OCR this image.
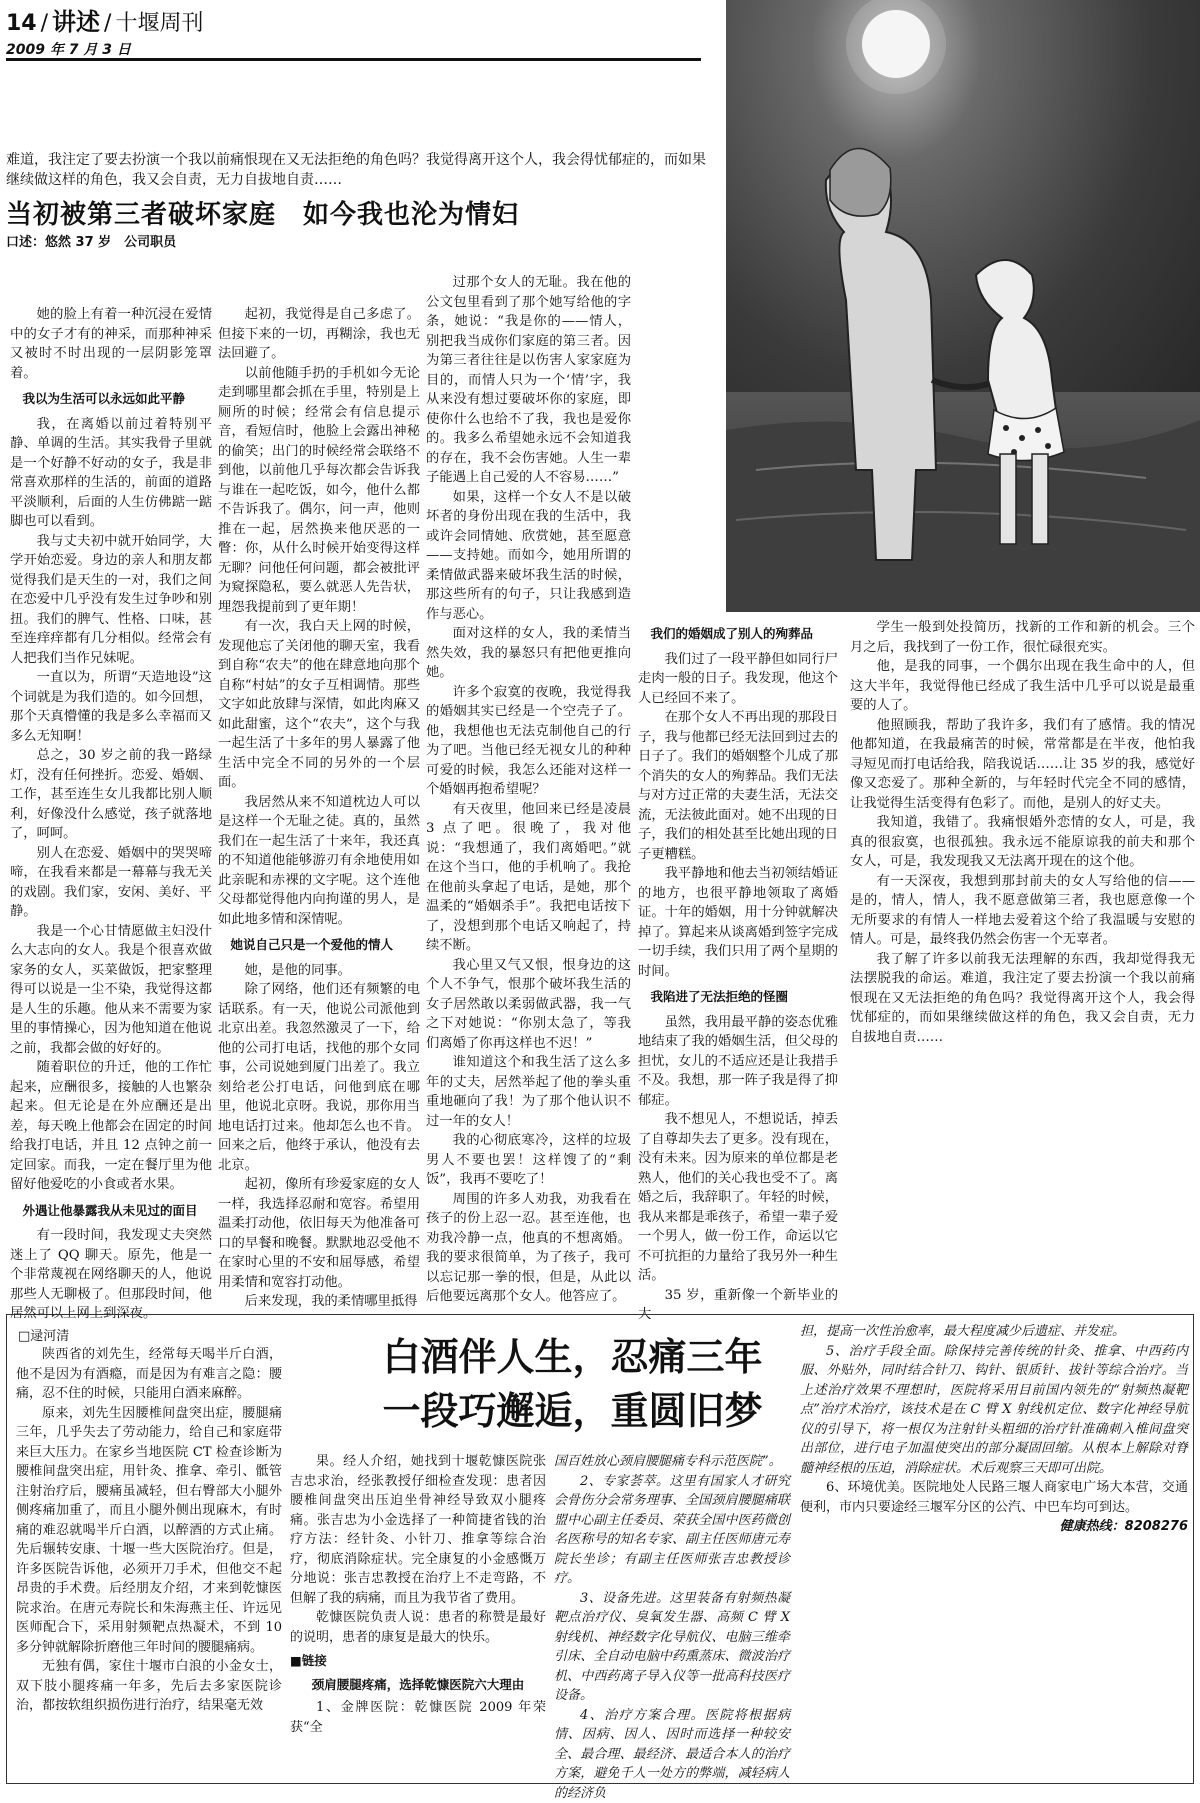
14 / 讲述 / 十堰周刊
2009 年 7 月 3 日
难道，我注定了要去扮演一个我以前痛恨现在又无法拒绝的角色吗？我觉得离开这个人，我会得忧郁症的，而如果继续做这样的角色，我又会自责，无力自拔地自责……
当初被第三者破坏家庭　如今我也沦为情妇
口述：悠然 37 岁　公司职员

她的脸上有着一种沉浸在爱情中的女子才有的神采，而那种神采又被时不时出现的一层阴影笼罩着。

我以为生活可以永远如此平静

我，在离婚以前过着特别平静、单调的生活。其实我骨子里就是一个好静不好动的女子，我是非常喜欢那样的生活的，前面的道路平淡顺利，后面的人生仿佛踮一踮脚也可以看到。

我与丈夫初中就开始同学，大学开始恋爱。身边的亲人和朋友都觉得我们是天生的一对，我们之间在恋爱中几乎没有发生过争吵和别扭。我们的脾气、性格、口味，甚至连痒痒都有几分相似。经常会有人把我们当作兄妹呢。

一直以为，所谓“天造地设”这个词就是为我们造的。如今回想，那个天真懵懂的我是多么幸福而又多么无知啊！

总之，30 岁之前的我一路绿灯，没有任何挫折。恋爱、婚姻、工作，甚至连生女儿我都比别人顺利，好像没什么感觉，孩子就落地了，呵呵。

别人在恋爱、婚姻中的哭哭啼啼，在我看来都是一幕幕与我无关的戏剧。我们家，安闲、美好、平静。

我是一个心甘情愿做主妇没什么大志向的女人。我是个很喜欢做家务的女人，买菜做饭，把家整理得可以说是一尘不染，我觉得这都是人生的乐趣。他从来不需要为家里的事情操心，因为他知道在他说之前，我都会做的好好的。

随着职位的升迁，他的工作忙起来，应酬很多，接触的人也繁杂起来。但无论是在外应酬还是出差，每天晚上他都会在固定的时间给我打电话，并且 12 点钟之前一定回家。而我，一定在餐厅里为他留好他爱吃的小食或者水果。

外遇让他暴露我从未见过的面目

有一段时间，我发现丈夫突然迷上了 QQ 聊天。原先，他是一个非常蔑视在网络聊天的人，他说那些人无聊极了。但那段时间，他居然可以上网上到深夜。

起初，我觉得是自己多虑了。但接下来的一切，再糊涂，我也无法回避了。

以前他随手扔的手机如今无论走到哪里都会抓在手里，特别是上厕所的时候；经常会有信息提示音，看短信时，他脸上会露出神秘的偷笑；出门的时候经常会联络不到他，以前他几乎每次都会告诉我与谁在一起吃饭，如今，他什么都不告诉我了。偶尔，问一声，他则推在一起，居然换来他厌恶的一瞥：你，从什么时候开始变得这样无聊？问他任何问题，都会被批评为窥探隐私，要么就恶人先告状，埋怨我提前到了更年期！

有一次，我白天上网的时候，发现他忘了关闭他的聊天室，我看到自称“农夫”的他在肆意地向那个自称“村姑”的女子互相调情。那些文字如此放肆与深情，如此肉麻又如此甜蜜，这个“农夫”，这个与我一起生活了十多年的男人暴露了他生活中完全不同的另外的一个层面。

我居然从来不知道枕边人可以是这样一个无耻之徒。真的，虽然我们在一起生活了十来年，我还真的不知道他能够游刃有余地使用如此亲昵和赤裸的文字呢。这个连他父母都觉得他内向拘谨的男人，是如此地多情和深情呢。

她说自己只是一个爱他的情人

她，是他的同事。

除了网络，他们还有频繁的电话联系。有一天，他说公司派他到北京出差。我忽然激灵了一下，给他的公司打电话，找他的那个女同事，公司说她到厦门出差了。我立刻给老公打电话，问他到底在哪里，他说北京呀。我说，那你用当地电话打过来。他却怎么也不肯。回来之后，他终于承认，他没有去北京。

起初，像所有珍爱家庭的女人一样，我选择忍耐和宽容。希望用温柔打动他，依旧每天为他准备可口的早餐和晚餐。默默地忍受他不在家时心里的不安和屈辱感，希望用柔情和宽容打动他。

后来发现，我的柔情哪里抵得

过那个女人的无耻。我在他的公文包里看到了那个她写给他的字条，她说：“我是你的——情人，别把我当成你们家庭的第三者。因为第三者往往是以伤害人家家庭为目的，而情人只为一个‘情’字，我从来没有想过要破坏你的家庭，即使你什么也给不了我，我也是爱你的。我多么希望她永远不会知道我的存在，我不会伤害她。人生一辈子能遇上自己爱的人不容易……”

如果，这样一个女人不是以破坏者的身份出现在我的生活中，我或许会同情她、欣赏她，甚至愿意——支持她。而如今，她用所谓的柔情做武器来破坏我生活的时候，那这些所有的句子，只让我感到造作与恶心。

面对这样的女人，我的柔情当然失效，我的暴怒只有把他更推向她。

许多个寂寞的夜晚，我觉得我的婚姻其实已经是一个空壳子了。他，我想他也无法克制他自己的行为了吧。当他已经无视女儿的种种可爱的时候，我怎么还能对这样一个婚姻再抱希望呢？

有天夜里，他回来已经是凌晨 3 点了吧。很晚了，我对他说：“我想通了，我们离婚吧。”就在这个当口，他的手机响了。我抢在他前头拿起了电话，是她，那个温柔的“婚姻杀手”。我把电话按下了，没想到那个电话又响起了，持续不断。

我心里又气又恨，恨身边的这个人不争气，恨那个破坏我生活的女子居然敢以柔弱做武器，我一气之下对她说：“你别太急了，等我们离婚了你再这样也不迟！”

谁知道这个和我生活了这么多年的丈夫，居然举起了他的拳头重重地砸向了我！为了那个他认识不过一年的女人！

我的心彻底寒冷，这样的垃圾男人不要也罢！这样馊了的“剩饭”，我再不要吃了！

周围的许多人劝我，劝我看在孩子的份上忍一忍。甚至连他，也劝我冷静一点，他真的不想离婚。我的要求很简单，为了孩子，我可以忘记那一拳的恨，但是，从此以后他要远离那个女人。他答应了。

我们的婚姻成了别人的殉葬品

我们过了一段平静但如同行尸走肉一般的日子。我发现，他这个人已经回不来了。

在那个女人不再出现的那段日子，我与他都已经无法回到过去的日子了。我们的婚姻整个儿成了那个消失的女人的殉葬品。我们无法与对方过正常的夫妻生活，无法交流，无法彼此面对。她不出现的日子，我们的相处甚至比她出现的日子更糟糕。

我平静地和他去当初领结婚证的地方，也很平静地领取了离婚证。十年的婚姻，用十分钟就解决掉了。算起来从谈离婚到签字完成一切手续，我们只用了两个星期的时间。

我陷进了无法拒绝的怪圈

虽然，我用最平静的姿态优雅地结束了我的婚姻生活，但父母的担忧，女儿的不适应还是让我措手不及。我想，那一阵子我是得了抑郁症。

我不想见人，不想说话，掉丢了自尊却失去了更多。没有现在，没有未来。因为原来的单位都是老熟人，他们的关心我也受不了。离婚之后，我辞职了。年轻的时候，我从来都是乖孩子，希望一辈子爱一个男人，做一份工作，命运以它不可抗拒的力量给了我另外一种生活。

35 岁，重新像一个新毕业的大

学生一般到处投简历，找新的工作和新的机会。三个月之后，我找到了一份工作，很忙碌很充实。

他，是我的同事，一个偶尔出现在我生命中的人，但这大半年，我觉得他已经成了我生活中几乎可以说是最重要的人了。

他照顾我，帮助了我许多，我们有了感情。我的情况他都知道，在我最痛苦的时候，常常都是在半夜，他怕我寻短见而打电话给我，陪我说话……让 35 岁的我，感觉好像又恋爱了。那种全新的，与年轻时代完全不同的感情，让我觉得生活变得有色彩了。而他，是别人的好丈夫。

我知道，我错了。我痛恨婚外恋情的女人，可是，我真的很寂寞，也很孤独。我永远不能原谅我的前夫和那个女人，可是，我发现我又无法离开现在的这个他。

有一天深夜，我想到那封前夫的女人写给他的信——是的，情人，情人，我不愿意做第三者，我也愿意像一个无所要求的有情人一样地去爱着这个给了我温暖与安慰的情人。可是，最终我仍然会伤害一个无辜者。

我了解了许多以前我无法理解的东西，我却觉得我无法摆脱我的命运。难道，我注定了要去扮演一个我以前痛恨现在又无法拒绝的角色吗？我觉得离开这个人，我会得忧郁症的，而如果继续做这样的角色，我又会自责，无力自拔地自责……

□逯河清	白酒伴人生，忍痛三年
一段巧邂逅，重圆旧梦

陕西省的刘先生，经常每天喝半斤白酒，他不是因为有酒瘾，而是因为有难言之隐：腰痛，忍不住的时候，只能用白酒来麻醉。

原来，刘先生因腰椎间盘突出症，腰腿痛三年，几乎失去了劳动能力，给自己和家庭带来巨大压力。在家乡当地医院 CT 检查诊断为腰椎间盘突出症，用针灸、推拿、牵引、骶管注射治疗后，腰痛虽减轻，但右臀部大小腿外侧疼痛加重了，而且小腿外侧出现麻木，有时痛的难忍就喝半斤白酒，以醉酒的方式止痛。先后辗转安康、十堰一些大医院治疗。但是，许多医院告诉他，必须开刀手术，但他交不起昂贵的手术费。后经朋友介绍，才来到乾慷医院求治。在唐元寿院长和朱海燕主任、许远见医师配合下，采用射频靶点热凝术，不到 10 多分钟就解除折磨他三年时间的腰腿痛病。

无独有偶，家住十堰市白浪的小金女士，双下肢小腿疼痛一年多，先后去多家医院诊治，都按软组织损伤进行治疗，结果毫无效

果。经人介绍，她找到十堰乾慷医院张吉忠求治，经张教授仔细检查发现：患者因腰椎间盘突出压迫坐骨神经导致双小腿疼痛。张吉忠为小金选择了一种简捷省钱的治疗方法：经针灸、小针刀、推拿等综合治疗，彻底消除症状。完全康复的小金感慨万分地说：张吉忠教授在治疗上不走弯路，不但解了我的病痛，而且为我节省了费用。

乾慷医院负责人说：患者的称赞是最好的说明，患者的康复是最大的快乐。

■链接
颈肩腰腿疼痛，选择乾慷医院六大理由

1、金牌医院：乾慷医院 2009 年荣获“全

国百姓放心颈肩腰腿痛专科示范医院”。

2、专家荟萃。这里有国家人才研究会骨伤分会常务理事、全国颈肩腰腿痛联盟中心副主任委员、荣获全国中医药微创名医称号的知名专家、副主任医师唐元寿院长坐诊；有副主任医师张吉忠教授诊疗。

3、设备先进。这里装备有射频热凝靶点治疗仪、臭氧发生器、高频 C 臂 X 射线机、神经数字化导航仪、电脑三维牵引床、全自动电脑中药熏蒸床、微波治疗机、中西药离子导入仪等一批高科技医疗设备。

4、治疗方案合理。医院将根据病情、因病、因人、因时而选择一种较安全、最合理、最经济、最适合本人的治疗方案，避免千人一处方的弊端，减轻病人的经济负

担，提高一次性治愈率，最大程度减少后遗症、并发症。

5、治疗手段全面。除保持完善传统的针灸、推拿、中西药内服、外贴外，同时结合针刀、钩针、银质针、拔针等综合治疗。当上述治疗效果不理想时，医院将采用目前国内领先的“射频热凝靶点”治疗术治疗，该技术是在 C 臂 X 射线机定位、数字化神经导航仪的引导下，将一根仅为注射针头粗细的治疗针准确刺入椎间盘突出部位，进行电子加温使突出的部分凝固回缩。从根本上解除对脊髓神经根的压迫，消除症状。术后观察三天即可出院。

6、环境优美。医院地处人民路三堰人商家电广场大本营，交通便利，市内只要途经三堰军分区的公汽、中巴车均可到达。

健康热线：8208276
